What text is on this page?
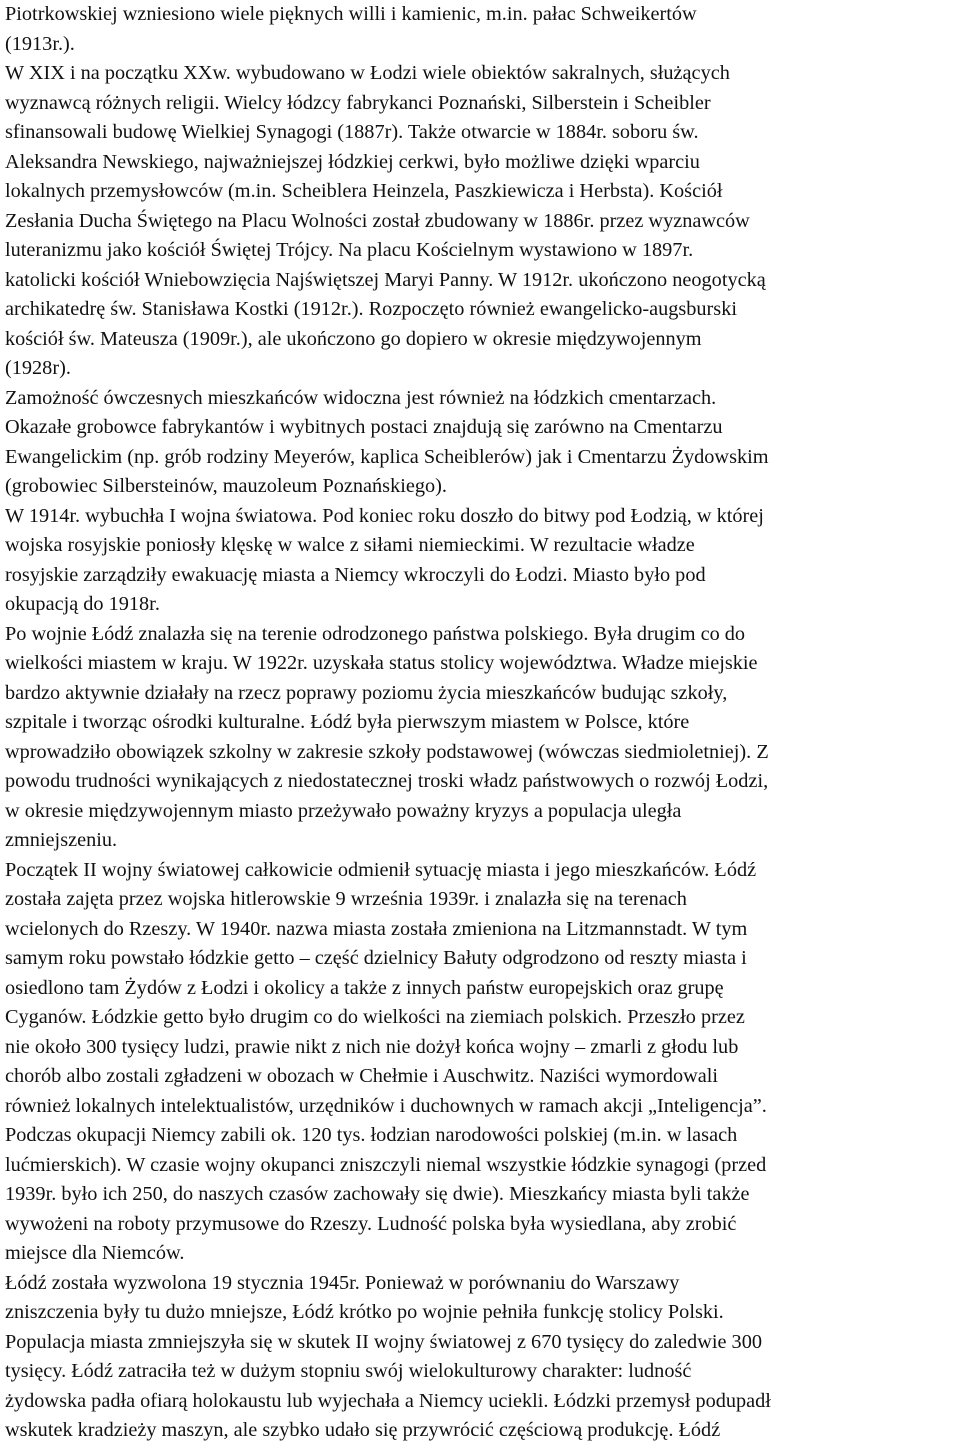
Piotrkowskiej wzniesiono wiele pięknych willi i kamienic, m.in. pałac Schweikertów
(1913r.).
W XIX i na początku XXw. wybudowano w Łodzi wiele obiektów sakralnych, służących
wyznawcą różnych religii. Wielcy łódzcy fabrykanci Poznański, Silberstein i Scheibler
sfinansowali budowę Wielkiej Synagogi (1887r). Także otwarcie w 1884r. soboru św.
Aleksandra Newskiego, najważniejszej łódzkiej cerkwi, było możliwe dzięki wparciu
lokalnych przemysłowców (m.in. Scheiblera Heinzela, Paszkiewicza i Herbsta). Kościół
Zesłania Ducha Świętego na Placu Wolności został zbudowany w 1886r. przez wyznawców
luteranizmu jako kościół Świętej Trójcy. Na placu Kościelnym wystawiono w 1897r.
katolicki kościół Wniebowzięcia Najświętszej Maryi Panny. W 1912r. ukończono neogotycką
archikatedrę św. Stanisława Kostki (1912r.). Rozpoczęto również ewangelicko-augsburski
kościół św. Mateusza (1909r.), ale ukończono go dopiero w okresie międzywojennym
(1928r).
Zamożność ówczesnych mieszkańców widoczna jest również na łódzkich cmentarzach.
Okazałe grobowce fabrykantów i wybitnych postaci znajdują się zarówno na Cmentarzu
Ewangelickim (np. grób rodziny Meyerów, kaplica Scheiblerów) jak i Cmentarzu Żydowskim
(grobowiec Silbersteinów, mauzoleum Poznańskiego).
W 1914r. wybuchła I wojna światowa. Pod koniec roku doszło do bitwy pod Łodzią, w której
wojska rosyjskie poniosły klęskę w walce z siłami niemieckimi. W rezultacie władze
rosyjskie zarządziły ewakuację miasta a Niemcy wkroczyli do Łodzi. Miasto było pod
okupacją do 1918r.
Po wojnie Łódź znalazła się na terenie odrodzonego państwa polskiego. Była drugim co do
wielkości miastem w kraju. W 1922r. uzyskała status stolicy województwa. Władze miejskie
bardzo aktywnie działały na rzecz poprawy poziomu życia mieszkańców budując szkoły,
szpitale i tworząc ośrodki kulturalne. Łódź była pierwszym miastem w Polsce, które
wprowadziło obowiązek szkolny w zakresie szkoły podstawowej (wówczas siedmioletniej). Z
powodu trudności wynikających z niedostatecznej troski władz państwowych o rozwój Łodzi,
w okresie międzywojennym miasto przeżywało poważny kryzys a populacja uległa
zmniejszeniu.
Początek II wojny światowej całkowicie odmienił sytuację miasta i jego mieszkańców. Łódź
została zajęta przez wojska hitlerowskie 9 września 1939r. i znalazła się na terenach
wcielonych do Rzeszy. W 1940r. nazwa miasta została zmieniona na Litzmannstadt. W tym
samym roku powstało łódzkie getto – część dzielnicy Bałuty odgrodzono od reszty miasta i
osiedlono tam Żydów z Łodzi i okolicy a także z innych państw europejskich oraz grupę
Cyganów. Łódzkie getto było drugim co do wielkości na ziemiach polskich. Przeszło przez
nie około 300 tysięcy ludzi, prawie nikt z nich nie dożył końca wojny – zmarli z głodu lub
chorób albo zostali zgładzeni w obozach w Chełmie i Auschwitz. Naziści wymordowali
również lokalnych intelektualistów, urzędników i duchownych w ramach akcji „Inteligencja”.
Podczas okupacji Niemcy zabili ok. 120 tys. łodzian narodowości polskiej (m.in. w lasach
lućmierskich). W czasie wojny okupanci zniszczyli niemal wszystkie łódzkie synagogi (przed
1939r. było ich 250, do naszych czasów zachowały się dwie). Mieszkańcy miasta byli także
wywożeni na roboty przymusowe do Rzeszy. Ludność polska była wysiedlana, aby zrobić
miejsce dla Niemców.
Łódź została wyzwolona 19 stycznia 1945r. Ponieważ w porównaniu do Warszawy
zniszczenia były tu dużo mniejsze, Łódź krótko po wojnie pełniła funkcję stolicy Polski.
Populacja miasta zmniejszyła się w skutek II wojny światowej z 670 tysięcy do zaledwie 300
tysięcy. Łódź zatraciła też w dużym stopniu swój wielokulturowy charakter: ludność
żydowska padła ofiarą holokaustu lub wyjechała a Niemcy uciekli. Łódzki przemysł podupadł
wskutek kradzieży maszyn, ale szybko udało się przywrócić częściową produkcję. Łódź
